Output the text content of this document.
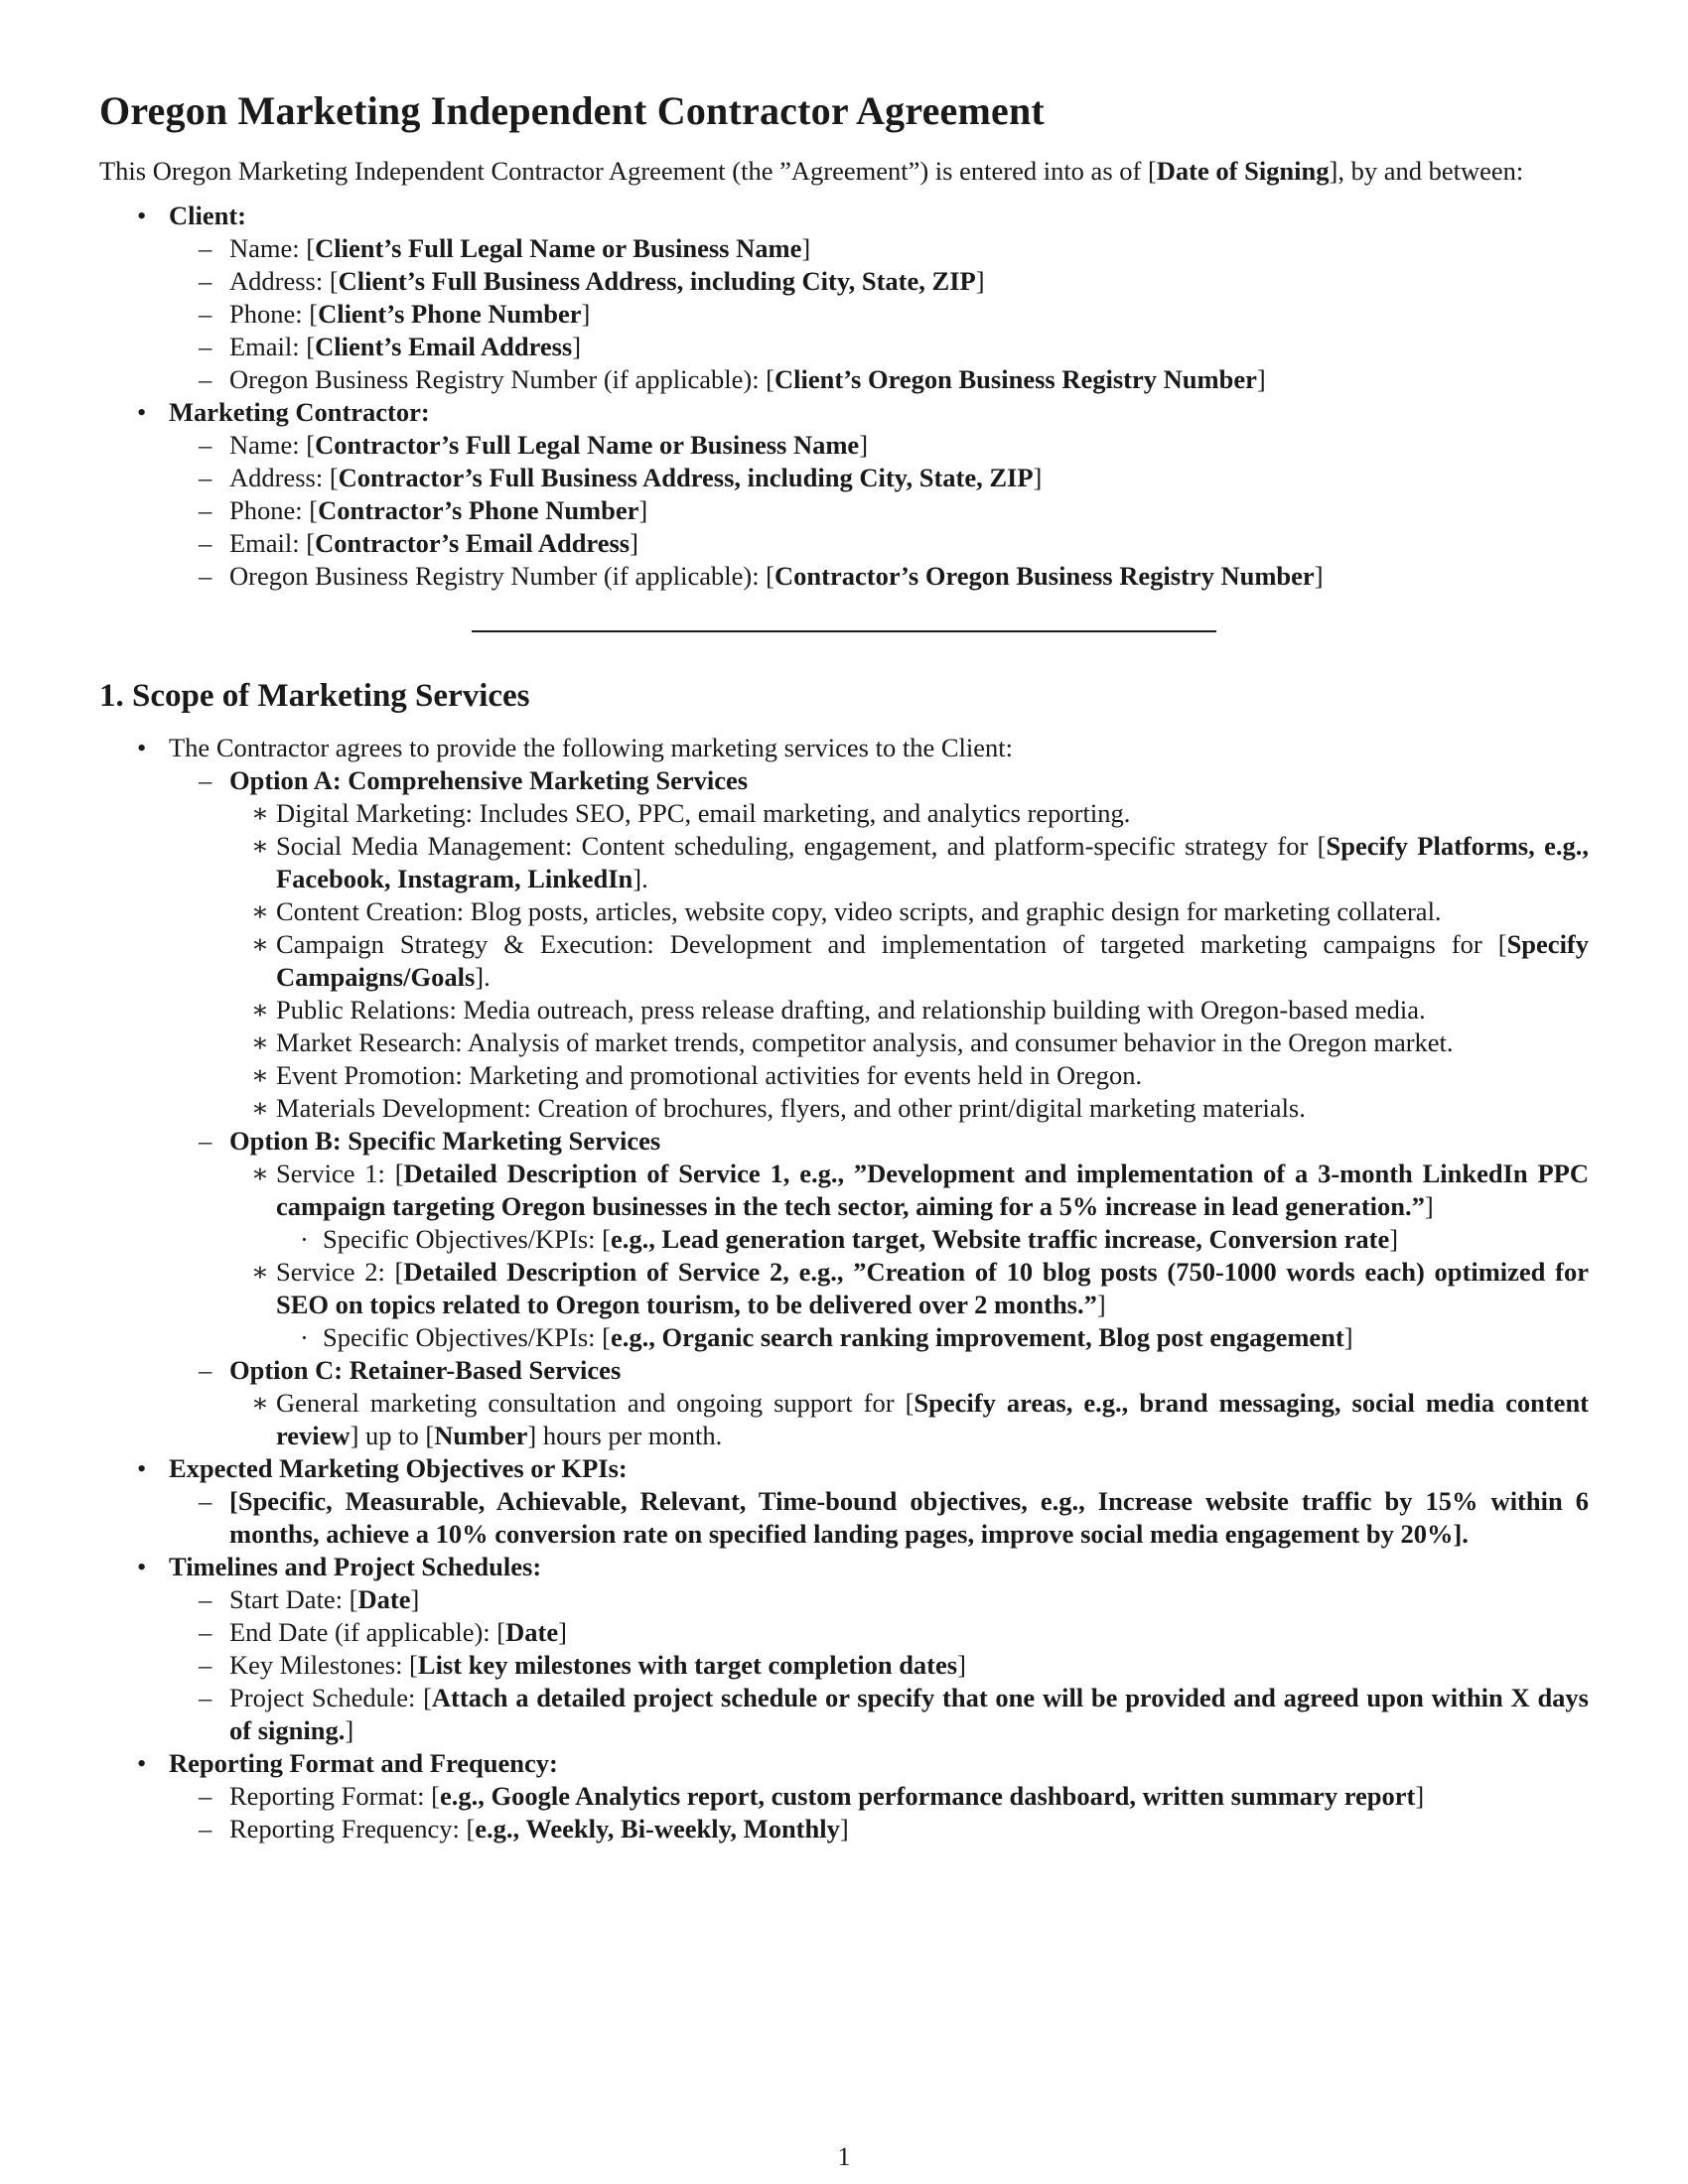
Oregon Marketing Independent Contractor Agreement

This Oregon Marketing Independent Contractor Agreement (the ”Agreement”) is entered into as of [Date of Signing], by and between:

• Client:
– Name: [Client’s Full Legal Name or Business Name]
– Address: [Client’s Full Business Address, including City, State, ZIP]
– Phone: [Client’s Phone Number]
– Email: [Client’s Email Address]
– Oregon Business Registry Number (if applicable): [Client’s Oregon Business Registry Number]
• Marketing Contractor:
– Name: [Contractor’s Full Legal Name or Business Name]
– Address: [Contractor’s Full Business Address, including City, State, ZIP]
– Phone: [Contractor’s Phone Number]
– Email: [Contractor’s Email Address]
– Oregon Business Registry Number (if applicable): [Contractor’s Oregon Business Registry Number]
1. Scope of Marketing Services
• The Contractor agrees to provide the following marketing services to the Client:
– Option A: Comprehensive Marketing Services
∗ Digital Marketing: Includes SEO, PPC, email marketing, and analytics reporting.
∗ Social Media Management: Content scheduling, engagement, and platform-specific strategy for [Specify Platforms, e.g., Facebook, Instagram, LinkedIn].
∗ Content Creation: Blog posts, articles, website copy, video scripts, and graphic design for marketing collateral.
∗ Campaign Strategy & Execution: Development and implementation of targeted marketing campaigns for [Specify Campaigns/Goals].
∗ Public Relations: Media outreach, press release drafting, and relationship building with Oregon-based media.
∗ Market Research: Analysis of market trends, competitor analysis, and consumer behavior in the Oregon market.
∗ Event Promotion: Marketing and promotional activities for events held in Oregon.
∗ Materials Development: Creation of brochures, flyers, and other print/digital marketing materials.
– Option B: Specific Marketing Services
∗ Service 1: [Detailed Description of Service 1, e.g., ”Development and implementation of a 3-month LinkedIn PPC campaign targeting Oregon businesses in the tech sector, aiming for a 5% increase in lead generation.”]
· Specific Objectives/KPIs: [e.g., Lead generation target, Website traffic increase, Conversion rate]
∗ Service 2: [Detailed Description of Service 2, e.g., ”Creation of 10 blog posts (750-1000 words each) optimized for SEO on topics related to Oregon tourism, to be delivered over 2 months.”]
· Specific Objectives/KPIs: [e.g., Organic search ranking improvement, Blog post engagement]
– Option C: Retainer-Based Services
∗ General marketing consultation and ongoing support for [Specify areas, e.g., brand messaging, social media content review] up to [Number] hours per month.
• Expected Marketing Objectives or KPIs:
– [Specific, Measurable, Achievable, Relevant, Time-bound objectives, e.g., Increase website traffic by 15% within 6 months, achieve a 10% conversion rate on specified landing pages, improve social media engagement by 20%].
• Timelines and Project Schedules:
– Start Date: [Date]
– End Date (if applicable): [Date]
– Key Milestones: [List key milestones with target completion dates]
– Project Schedule: [Attach a detailed project schedule or specify that one will be provided and agreed upon within X days of signing.]
• Reporting Format and Frequency:
– Reporting Format: [e.g., Google Analytics report, custom performance dashboard, written summary report]
– Reporting Frequency: [e.g., Weekly, Bi-weekly, Monthly]
1
